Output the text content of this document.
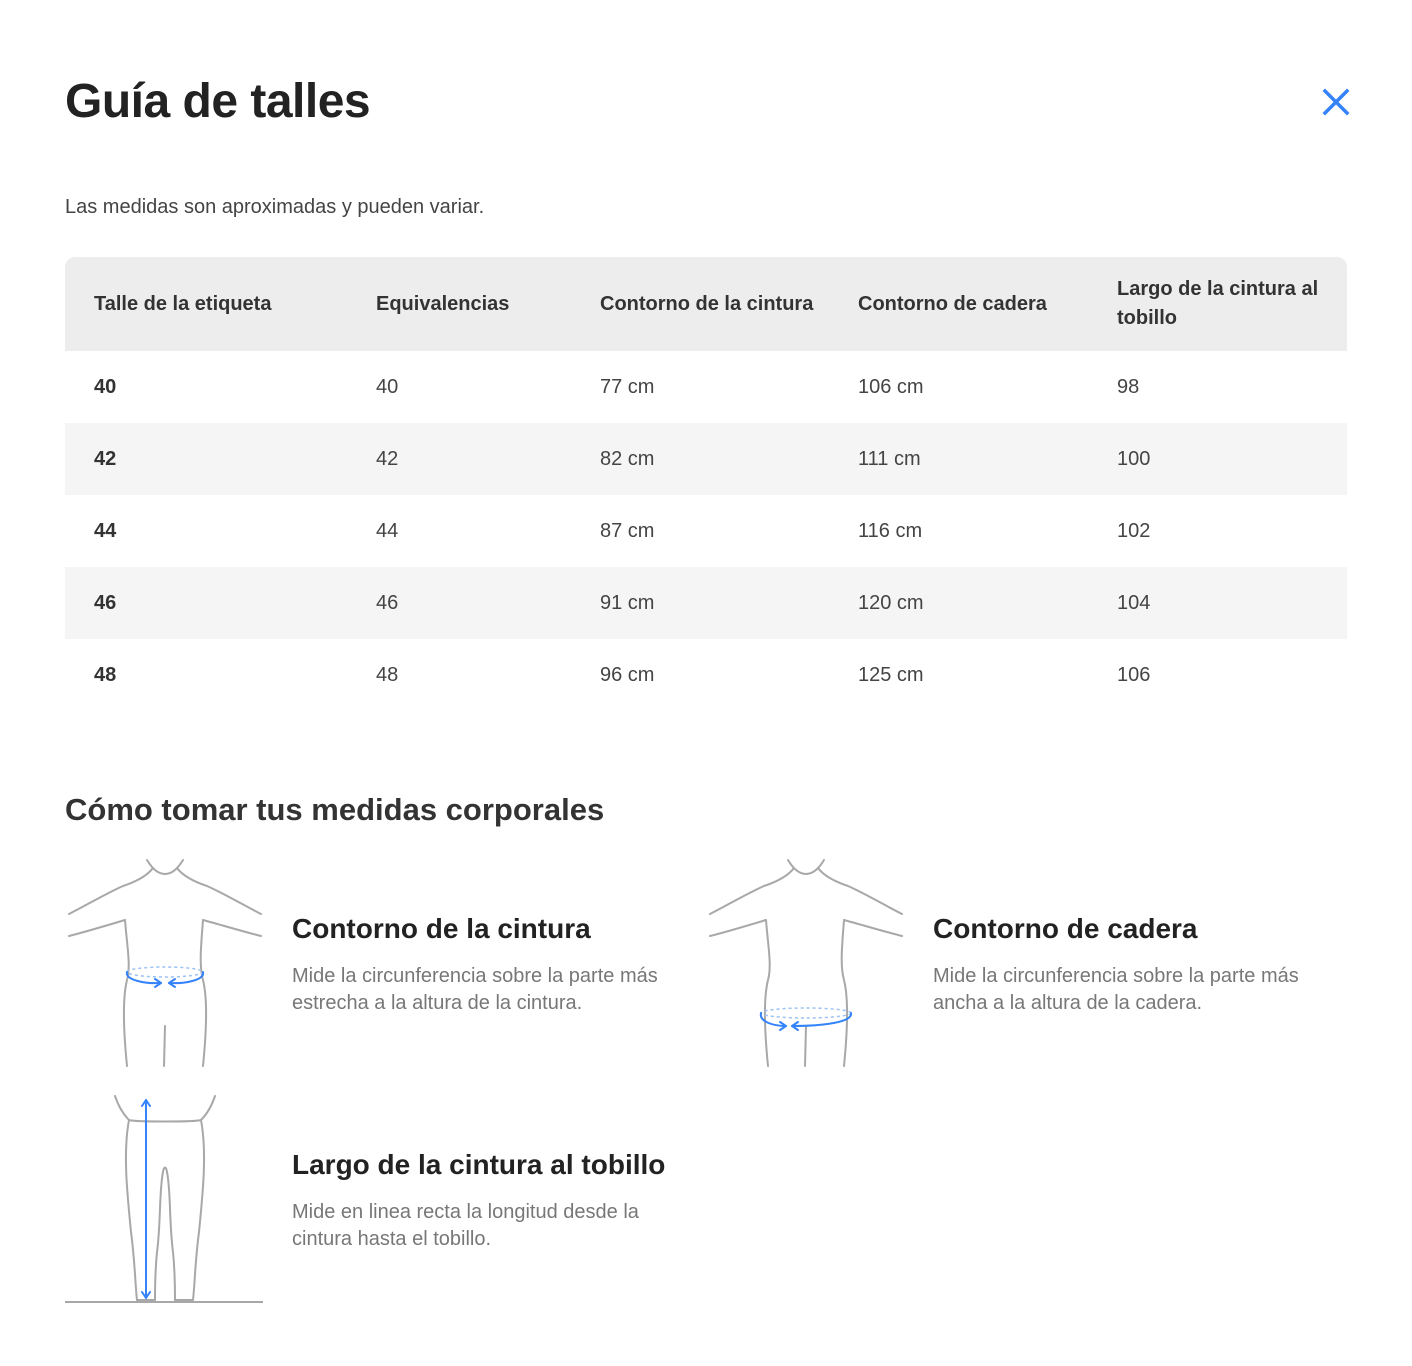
Guía de talles
Las medidas son aproximadas y pueden variar.
Talle de la etiqueta	Equivalencias	Contorno de la cintura	Contorno de cadera	Largo de la cintura al tobillo
40	40	77 cm	106 cm	98
42	42	82 cm	111 cm	100
44	44	87 cm	116 cm	102
46	46	91 cm	120 cm	104
48	48	96 cm	125 cm	106
Cómo tomar tus medidas corporales
Contorno de la cintura

Mide la circunferencia sobre la parte más estrecha a la altura de la cintura.

Contorno de cadera

Mide la circunferencia sobre la parte más ancha a la altura de la cadera.

Largo de la cintura al tobillo

Mide en linea recta la longitud desde la cintura hasta el tobillo.
